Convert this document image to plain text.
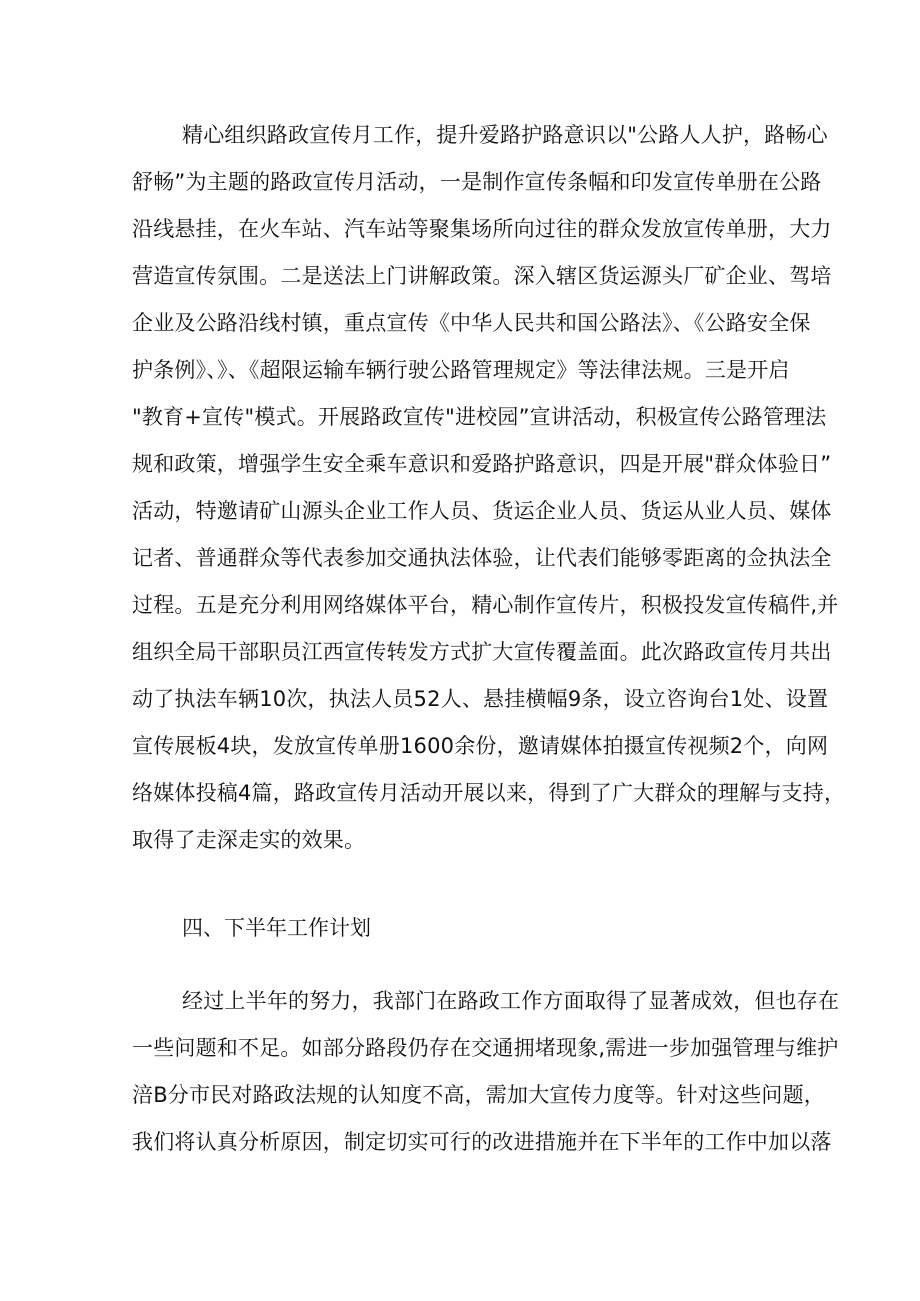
精心组织路政宣传月工作，提升爱路护路意识以"公路人人护，路畅心
舒畅”为主题的路政宣传月活动，一是制作宣传条幅和印发宣传单册在公路
沿线悬挂，在火车站、汽车站等聚集场所向过往的群众发放宣传单册，大力
营造宣传氛围。二是送法上门讲解政策。深入辖区货运源头厂矿企业、驾培
企业及公路沿线村镇，重点宣传《中华人民共和国公路法》、《公路安全保
护条例》、》、《超限运输车辆行驶公路管理规定》等法律法规。三是开启
"教育+宣传"模式。开展路政宣传"进校园”宣讲活动，积极宣传公路管理法
规和政策，增强学生安全乘车意识和爱路护路意识，四是开展"群众体验日”
活动，特邀请矿山源头企业工作人员、货运企业人员、货运从业人员、媒体
记者、普通群众等代表参加交通执法体验，让代表们能够零距离的佥执法全
过程。五是充分利用网络媒体平台，精心制作宣传片，积极投发宣传稿件,并
组织全局干部职员江西宣传转发方式扩大宣传覆盖面。此次路政宣传月共出
动了执法车辆10次，执法人员52人、悬挂横幅9条，设立咨询台1处、设置
宣传展板4块，发放宣传单册1600余份，邀请媒体拍摄宣传视频2个，向网
络媒体投稿4篇，路政宣传月活动开展以来，得到了广大群众的理解与支持，
取得了走深走实的效果。
四、下半年工作计划
经过上半年的努力，我部门在路政工作方面取得了显著成效，但也存在
一些问题和不足。如部分路段仍存在交通拥堵现象,需进一步加强管理与维护
涪B分市民对路政法规的认知度不高，需加大宣传力度等。针对这些问题，
我们将认真分析原因，制定切实可行的改进措施并在下半年的工作中加以落
